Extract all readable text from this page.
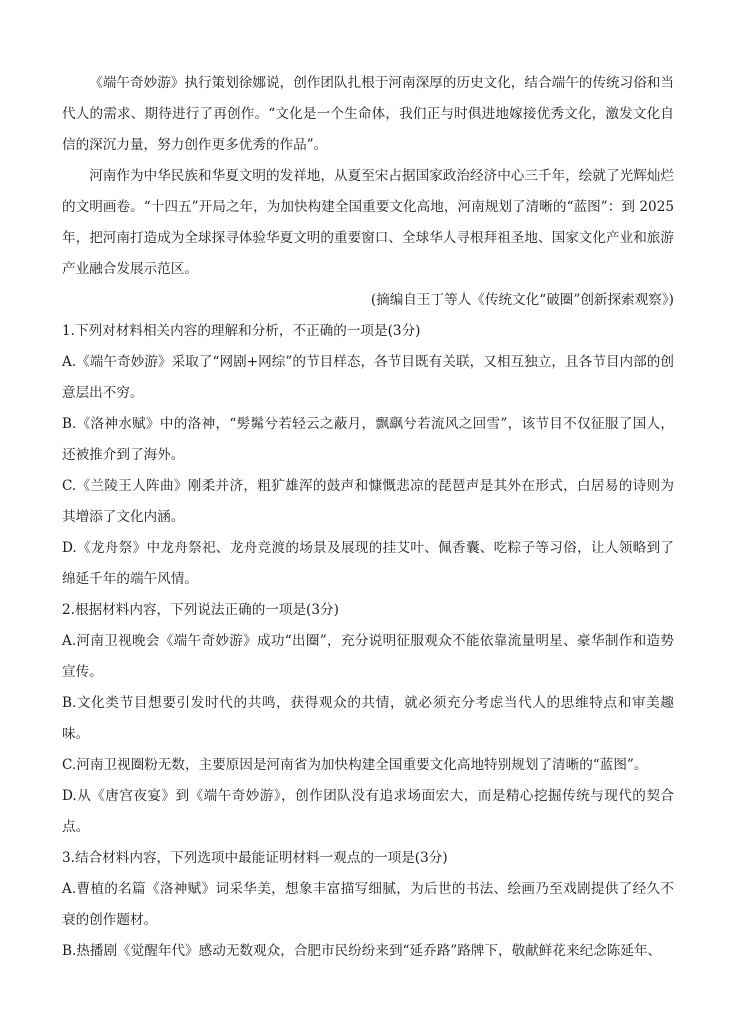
《端午奇妙游》执行策划徐娜说，创作团队扎根于河南深厚的历史文化，结合端午的传统习俗和当代人的需求、期待进行了再创作。“文化是一个生命体，我们正与时俱进地嫁接优秀文化，激发文化自信的深沉力量，努力创作更多优秀的作品”。

河南作为中华民族和华夏文明的发祥地，从夏至宋占据国家政治经济中心三千年，绘就了光辉灿烂的文明画卷。“十四五”开局之年，为加快构建全国重要文化高地，河南规划了清晰的“蓝图”：到 2025 年，把河南打造成为全球探寻体验华夏文明的重要窗口、全球华人寻根拜祖圣地、国家文化产业和旅游产业融合发展示范区。

(摘编自王丁等人《传统文化“破圈”创新探索观察》)

1.下列对材料相关内容的理解和分析，不正确的一项是(3分)

A.《端午奇妙游》采取了“网剧+网综”的节目样态，各节目既有关联，又相互独立，且各节目内部的创意层出不穷。

B.《洛神水赋》中的洛神，“髣髴兮若轻云之蔽月，飘飖兮若流风之回雪”，该节目不仅征服了国人，还被推介到了海外。

C.《兰陵王人阵曲》刚柔并济，粗犷雄浑的鼓声和慷慨悲凉的琵琶声是其外在形式，白居易的诗则为其增添了文化内涵。

D.《龙舟祭》中龙舟祭祀、龙舟竞渡的场景及展现的挂艾叶、佩香囊、吃粽子等习俗，让人领略到了绵延千年的端午风情。

2.根据材料内容，下列说法正确的一项是(3分)

A.河南卫视晚会《端午奇妙游》成功“出圈”，充分说明征服观众不能依靠流量明星、豪华制作和造势宣传。

B.文化类节目想要引发时代的共鸣，获得观众的共情，就必须充分考虑当代人的思维特点和审美趣味。

C.河南卫视圈粉无数，主要原因是河南省为加快构建全国重要文化高地特别规划了清晰的“蓝图”。

D.从《唐宫夜宴》到《端午奇妙游》，创作团队没有追求场面宏大，而是精心挖掘传统与现代的契合点。

3.结合材料内容，下列选项中最能证明材料一观点的一项是(3分)

A.曹植的名篇《洛神赋》词采华美，想象丰富描写细腻，为后世的书法、绘画乃至戏剧提供了经久不衰的创作题材。

B.热播剧《觉醒年代》感动无数观众，合肥市民纷纷来到“延乔路”路牌下，敬献鲜花来纪念陈延年、
